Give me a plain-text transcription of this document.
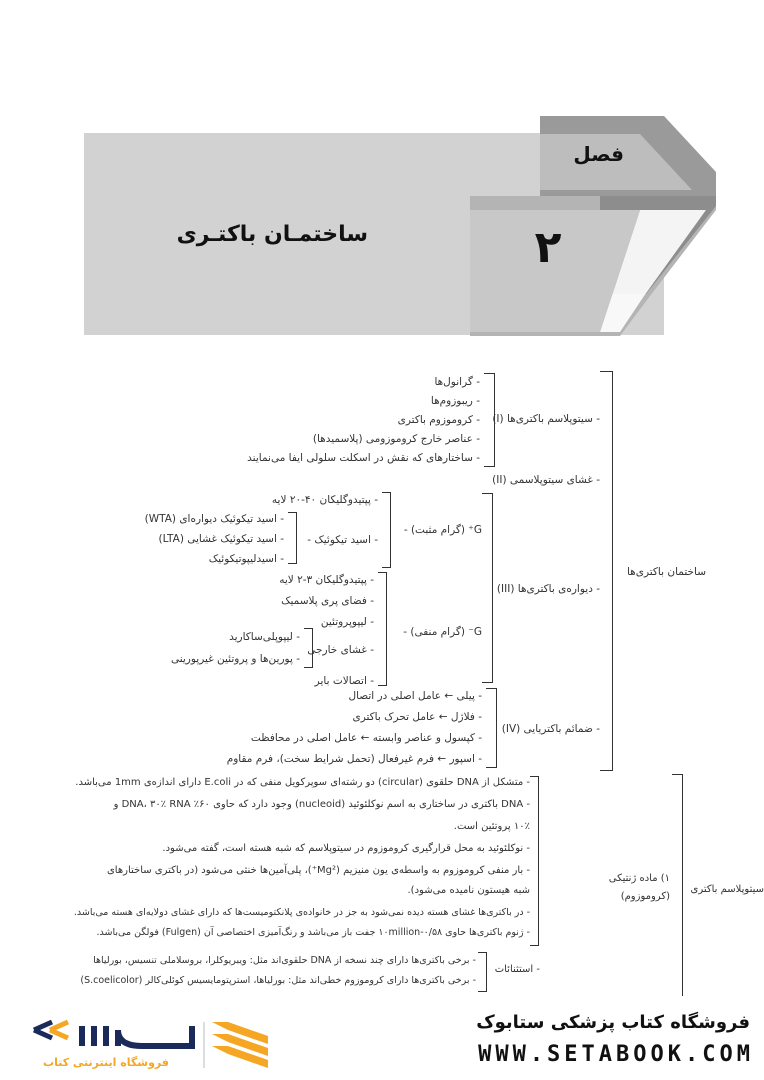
فصل
۲
ساختمـان باکتـری
ساختمان باکتری‌ها
- سیتوپلاسم باکتری‌ها (I)
- گرانول‌ها
- ریبوزوم‌ها
- کروموزوم باکتری
- عناصر خارج کروموزومی (پلاسمیدها)
- ساختارهای که نقش در اسکلت سلولی ایفا می‌نمایند
- غشای سیتوپلاسمی (II)
- دیواره‌ی باکتری‌ها (III)
G⁺ (گرام مثبت) -
- پپتیدوگلیکان ۴۰-۲۰ لایه
- اسید تیکوئیک -
- اسید تیکوئیک دیواره‌ای (WTA)
- اسید تیکوئیک غشایی (LTA)
- اسیدلیپوتیکوئیک
G⁻ (گرام منفی) -
- پپتیدوگلیکان ۳-۲ لایه
- فضای پری پلاسمیک
- لیپوپروتئین
- غشای خارجی
- اتصالات بایر
- لیپوپلی‌ساکارید
- پورین‌ها و پروتئین غیرپورینی
- ضمائم باکتریایی (IV)
- پیلی ← عامل اصلی در اتصال
- فلاژل ← عامل تحرک باکتری
- کپسول و عناصر وابسته ← عامل اصلی در محافظت
- اسپور ← فرم غیرفعال (تحمل شرایط سخت)، فرم مقاوم
سیتوپلاسم باکتری
۱) ماده ژنتیکی
(کروموزوم)
- متشکل از DNA حلقوی (circular) دو رشته‌ای سوپرکویل منفی که در E.coli دارای اندازه‌ی 1mm می‌باشد.
- DNA باکتری در ساختاری به اسم نوکلئوئید (nucleoid) وجود دارد که حاوی ۶۰٪ DNA، ۳۰٪ RNA و
۱۰٪ پروتئین است.
- نوکلئوئید به محل قرارگیری کروموزوم در سیتوپلاسم که شبه هسته است، گفته می‌شود.
- بار منفی کروموزوم به واسطه‌ی یون منیزیم (Mg²⁺)، پلی‌آمین‌ها خنثی می‌شود (در باکتری ساختارهای
شبه هیستون نامیده می‌شود).
- در باکتری‌ها غشای هسته دیده نمی‌شود به جز در خانواده‌ی پلانکتومیست‌ها که دارای غشای دولایه‌ای هسته می‌باشد.
- ژنوم باکتری‌ها حاوی ۰/۵۸-۱۰million جفت باز می‌باشد و رنگ‌آمیزی اختصاصی آن (Fulgen) فولگن می‌باشد.
- استثنائات
- برخی باکتری‌ها دارای چند نسخه از DNA حلقوی‌اند مثل: ویبریوکلرا، بروسلاملی تنسیس، بورلیاها
- برخی باکتری‌ها دارای کروموزوم خطی‌اند مثل: بورلیاها، استرپتومایسیس کوئلی‌کالر (S.coelicolor)
فروشگاه اینترنتی کتاب
فروشگاه کتاب پزشکی ستابوک
WWW.SETABOOK.COM
